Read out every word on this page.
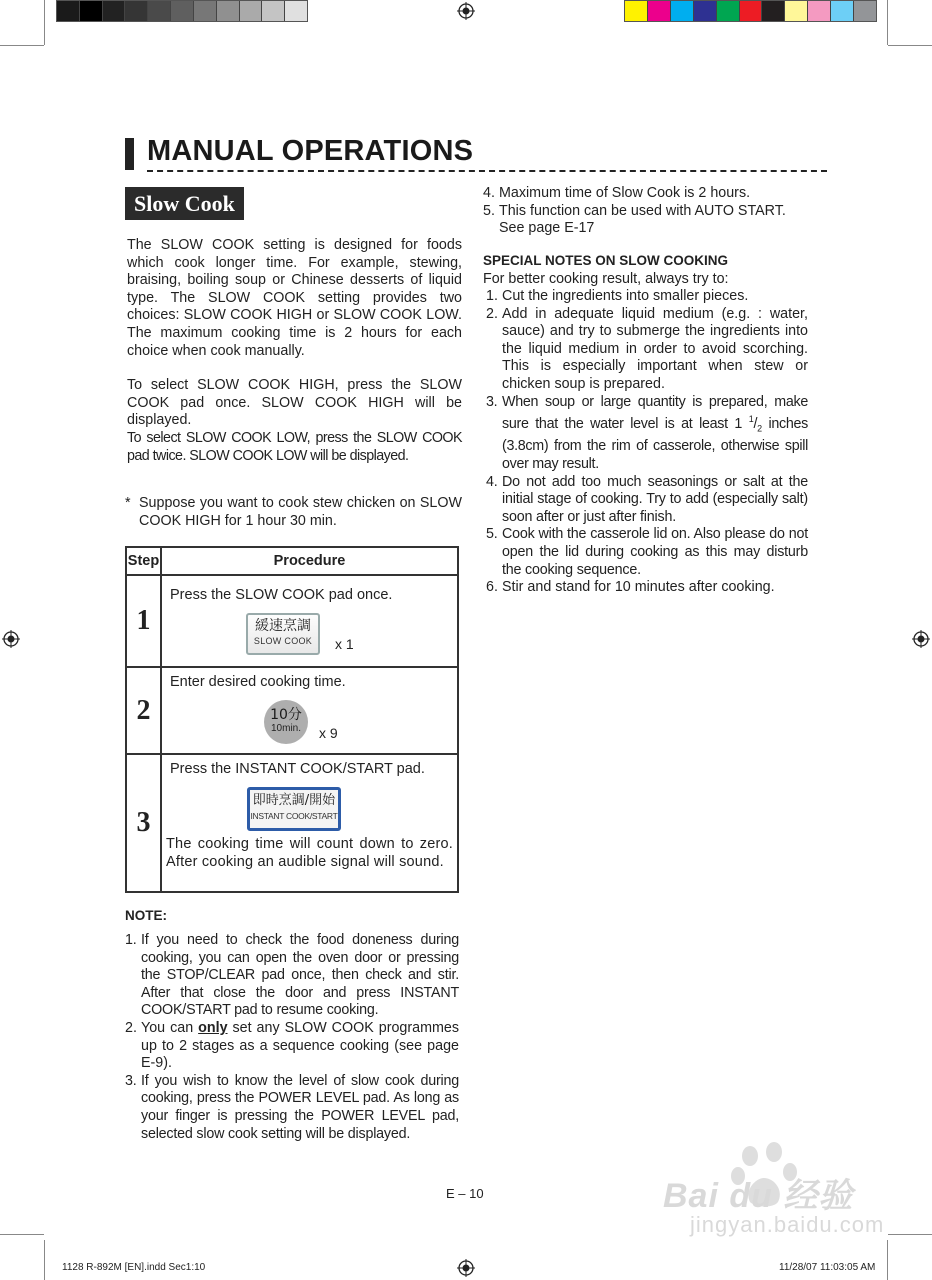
MANUAL OPERATIONS
Slow Cook

The SLOW COOK setting is designed for foods which cook longer time. For example, stewing, braising, boiling soup or Chinese desserts of liquid type. The SLOW COOK setting provides two choices: SLOW COOK HIGH or SLOW COOK LOW. The maximum cooking time is 2 hours for each choice when cook manually.

To select SLOW COOK HIGH, press the SLOW COOK pad once. SLOW COOK HIGH will be displayed.

To select SLOW COOK LOW, press the SLOW COOK pad twice. SLOW COOK LOW will be displayed.

* Suppose you want to cook stew chicken on SLOW COOK HIGH for 1 hour 30 min.

Step	Procedure
1	Press the SLOW COOK pad once.
緩速烹調
SLOW COOK x 1

2	Enter desired cooking time.
10分
10min. x 9

3	Press the INSTANT COOK/START pad.
即時烹調/開始
INSTANT COOK/START
The cooking time will count down to zero. After cooking an audible signal will sound.
NOTE:
1. If you need to check the food doneness during cooking, you can open the oven door or pressing the STOP/CLEAR pad once, then check and stir. After that close the door and press INSTANT COOK/START pad to resume cooking.
2. You can only set any SLOW COOK programmes up to 2 stages as a sequence cooking (see page E-9).
3. If you wish to know the level of slow cook during cooking, press the POWER LEVEL pad. As long as your finger is pressing the POWER LEVEL pad, selected slow cook setting will be displayed.
4. Maximum time of Slow Cook is 2 hours.
5. This function can be used with AUTO START. See page E-17
SPECIAL NOTES ON SLOW COOKING
For better cooking result, always try to:
1. Cut the ingredients into smaller pieces.
2. Add in adequate liquid medium (e.g. : water, sauce) and try to submerge the ingredients into the liquid medium in order to avoid scorching. This is especially important when stew or chicken soup is prepared.
3. When soup or large quantity is prepared, make sure that the water level is at least 1 $^1/_2$ inches (3.8cm) from the rim of casserole, otherwise spill over may result.
4. Do not add too much seasonings or salt at the initial stage of cooking. Try to add (especially salt) soon after or just after finish.
5. Cook with the casserole lid on. Also please do not open the lid during cooking as this may disturb the cooking sequence.
6. Stir and stand for 10 minutes after cooking.
E – 10
1128 R-892M [EN].indd Sec1:10	11/28/07 11:03:05 AM
Bai du 经验
jingyan.baidu.com
